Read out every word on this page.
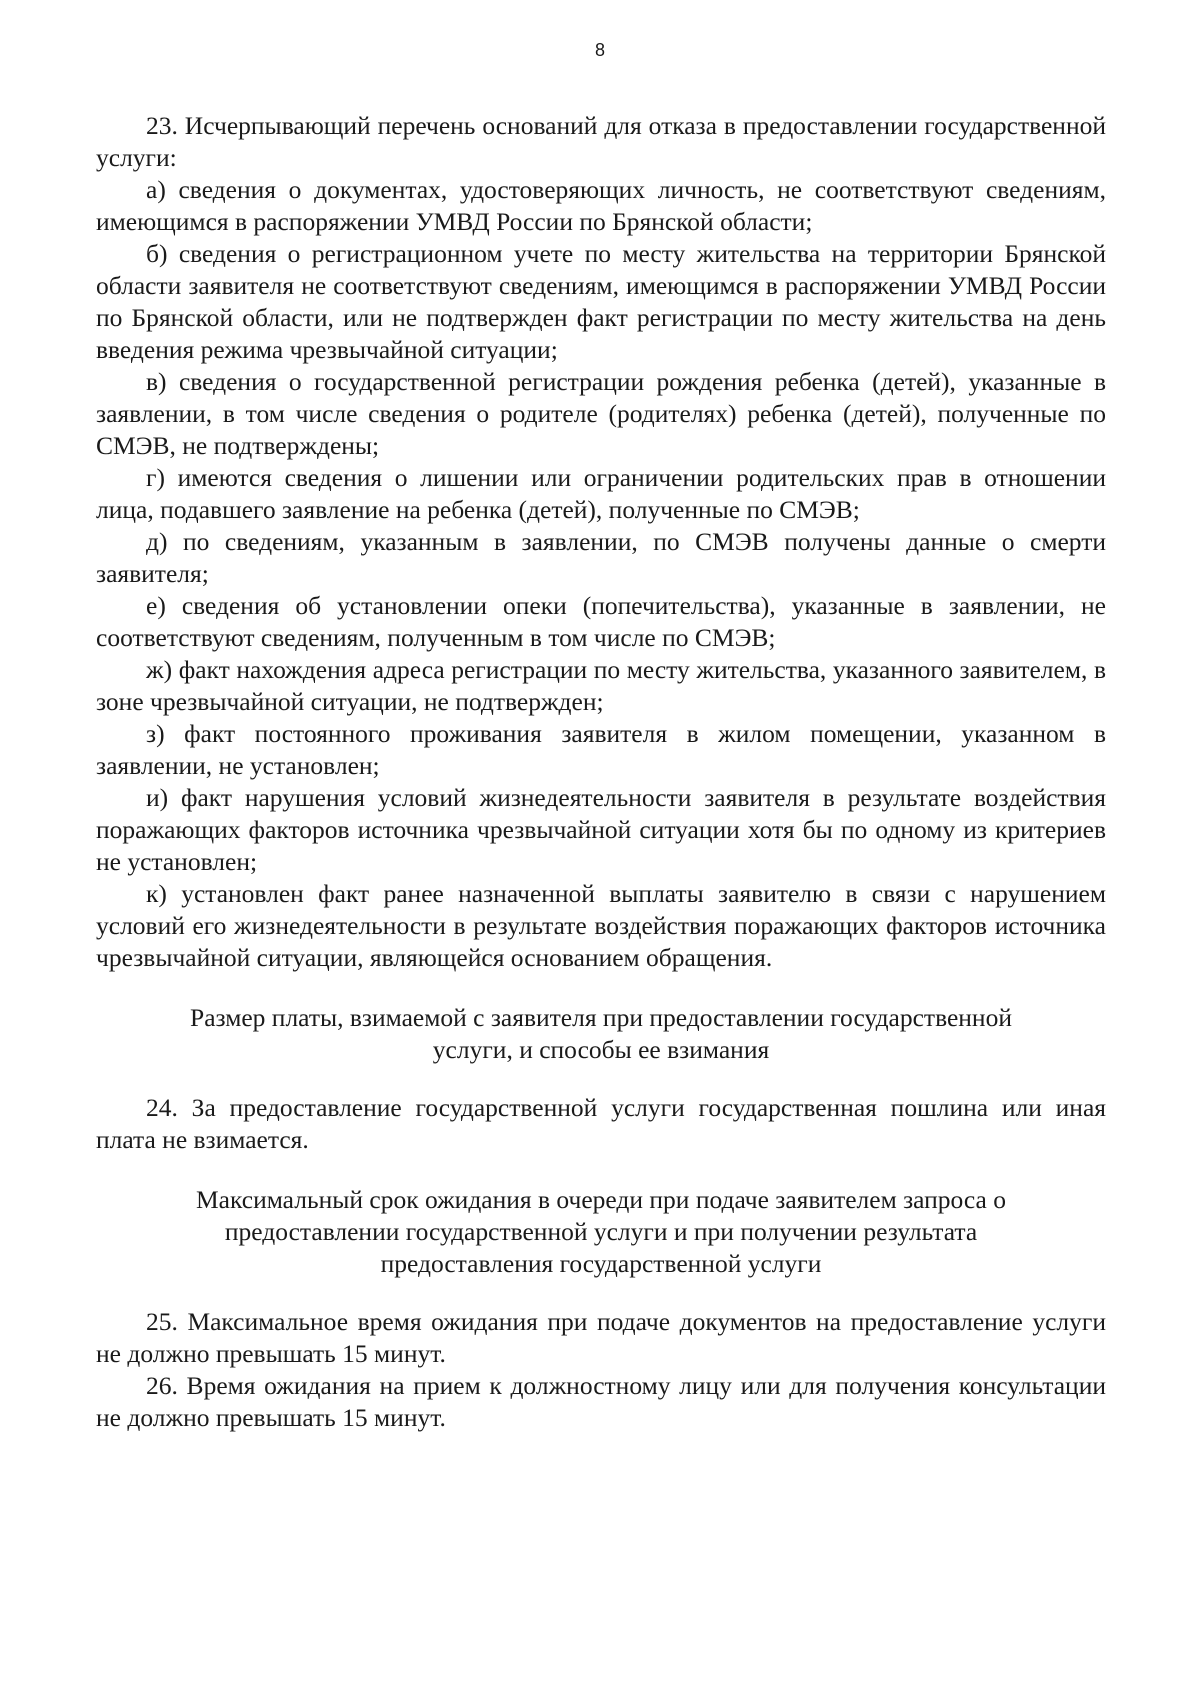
8

23. Исчерпывающий перечень оснований для отказа в предоставлении государственной услуги:

а) сведения о документах, удостоверяющих личность, не соответствуют сведениям, имеющимся в распоряжении УМВД России по Брянской области;

б) сведения о регистрационном учете по месту жительства на территории Брянской области заявителя не соответствуют сведениям, имеющимся в распоряжении УМВД России по Брянской области, или не подтвержден факт регистрации по месту жительства на день введения режима чрезвычайной ситуации;

в) сведения о государственной регистрации рождения ребенка (детей), указанные в заявлении, в том числе сведения о родителе (родителях) ребенка (детей), полученные по СМЭВ, не подтверждены;

г) имеются сведения о лишении или ограничении родительских прав в отношении лица, подавшего заявление на ребенка (детей), полученные по СМЭВ;

д) по сведениям, указанным в заявлении, по СМЭВ получены данные о смерти заявителя;

е) сведения об установлении опеки (попечительства), указанные в заявлении, не соответствуют сведениям, полученным в том числе по СМЭВ;

ж) факт нахождения адреса регистрации по месту жительства, указанного заявителем, в зоне чрезвычайной ситуации, не подтвержден;

з) факт постоянного проживания заявителя в жилом помещении, указанном в заявлении, не установлен;

и) факт нарушения условий жизнедеятельности заявителя в результате воздействия поражающих факторов источника чрезвычайной ситуации хотя бы по одному из критериев не установлен;

к) установлен факт ранее назначенной выплаты заявителю в связи с нарушением условий его жизнедеятельности в результате воздействия поражающих факторов источника чрезвычайной ситуации, являющейся основанием обращения.

Размер платы, взимаемой с заявителя при предоставлении государственной услуги, и способы ее взимания

24. За предоставление государственной услуги государственная пошлина или иная плата не взимается.

Максимальный срок ожидания в очереди при подаче заявителем запроса о предоставлении государственной услуги и при получении результата предоставления государственной услуги

25. Максимальное время ожидания при подаче документов на предоставление услуги не должно превышать 15 минут.

26. Время ожидания на прием к должностному лицу или для получения консультации не должно превышать 15 минут.
